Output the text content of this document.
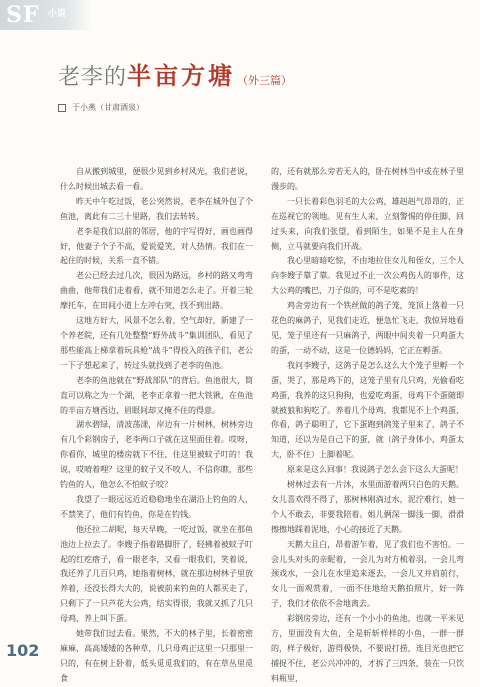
SF 小说
老李的半亩方塘 （外三篇）
于小燕（甘肃酒泉）

自从搬到城里，便很少见到乡村风光，我们老说，什么时候出城去看一看。

昨天中午吃过饭，老公突然说，老李在城外包了个鱼池，离此有二三十里路，我们去转转。

老李是我们以前的邻居，他的字写得好，画也画得好，他妻子个子不高，爱说爱笑，对人热情。我们在一起住的时候，关系一直不错。

老公已经去过几次，很因为路远，乡村的路又弯弯曲曲，他带我们走着看，就不知道怎么走了。开着三轮摩托车，在田间小道上左冲右突，找不到出路。

这地方好大，风景不怎么着，空气却好，新建了一个养老院，还有几处整整“野外战斗”集训团队，看见了那些能高上梯拿着玩具枪“战斗”得投入的孩子们，老公一下子想起来了，转过头就找到了老李的鱼池。

老李的鱼池就在“野战部队”的背后。鱼池很大，简直可以称之为一个湖，老李正拿着一把大铁锹，在鱼池的半亩方塘西边，眉眼间却又掩不住的得意。

湖水碧绿，清波荡漾，岸边有一片树林，树林旁边有几个彩钢房子，老李两口子就在这里面住着。哎呀，你看你，城里的楼房就下不住，住这里被蚊子叮的！我说，哎唷着哩？这里的蚊子又不咬人，不信你瞧，那些钓鱼的人，他怎么不怕蚊子咬？

我望了一眼远远近近稳稳地坐在湖沿上钓鱼的人，不禁笑了，他们有钓鱼，你是在钓钱。

他还拉二胡呢，每天早晚，一吃过饭，就坐在那鱼池边上拉去了。李嫂子指着路脚肝了，轻拂着被蚊子叮起的红疙瘩子，看一眼老李，又看一眼我们，笑着说，我还养了几百只鸡，她指着树林，就在那边树林子里放养着，还没长得大大的，说被前来钓鱼的人都买走了，只剩下了一只芦花大公鸡，结实得很，我就又抓了几只母鸡，养上叫下蛋。

她带我们过去看。果然，不大的林子里，长着密密麻麻，高高矮矮的各种草，几只母鸡正这里一只那里一只的，有在树上卧着，低头觅觅我们的，有在草丛里觅食

的，还有就那么旁若无人的，卧在树林当中或在林子里漫步的。

一只长着彩色羽毛的大公鸡，雄赳赳气昂昂的，正在巡视它的领地。见有生人来，立刻警惕的停住脚，回过头来，向我们张望，看到陌生，如果不是主人在身侧，立马就要向我们开战。

我心里暗暗吃惊，不由地拉住女儿和侄女，三个人向李嫂子靠了靠。我见过不止一次公鸡伤人的事件，这大公鸡的嘴巴，刀子似的，可不是吃素的！

鸡舍旁边有一个铁丝做的鸽子笼，笼顶上落着一只花色的麻鸽子，见我们走近，便急忙飞走，我惊异地看见，笼子里还有一只麻鸽子，两眼中间夹着一只鸡蛋大的蛋，一动不动，这是一位德妈妈，它正在孵蛋。

我问李嫂子，这鸽子是怎么这么大个笼子里孵一个蛋，哭了，那是鸡下的，这笼子里有几只鸡，光偷看吃鸡蛋，我养的这只狗狗，也爱吃鸡蛋，母鸡下个蛋随即就被狼和狗吃了。养着几个母鸡，我都见不上个鸡蛋，你看，鸽子聪明了，它下蛋跑到鸽笼子里来了，鸽子不知道，还以为是自己下的蛋，就（鸽子身体小，鸡蛋太大，卧不住）上脚着呢。

原来是这么回事！我说鸽子怎么会下这么大蛋呢！

树林过去有一片沐，水里面游着两只白色的天鹅。女儿喜欢得不得了，那树林刚淌过水，泥泞难行，她一个人不敢去，非要我陪着。姐儿俩深一脚浅一脚，滑滑擦擦地踩着泥地，小心的接近了天鹅。

天鹅大且白，昂着游乍着，见了我们也不害怕。一会儿头对头的亲昵着，一会儿为对方梳着羽，一会儿弯颈戏水，一会儿在水里追来逐去，一会儿又并肩前行，女儿一面观赏着，一面不住地给天鹅拍照片，好一阵子，我们才依依不舍地离去。

彩钢房旁边，还有一个小小的鱼池，也就一平米见方，里面没有大鱼，全是斩斩样样的小鱼，一群一群的，样子极好，游得极快，不要说打捞，连目光也把它捕捉不住，老公兴冲冲的，才拆了三四条，装在一只饮料瓶里，

102
